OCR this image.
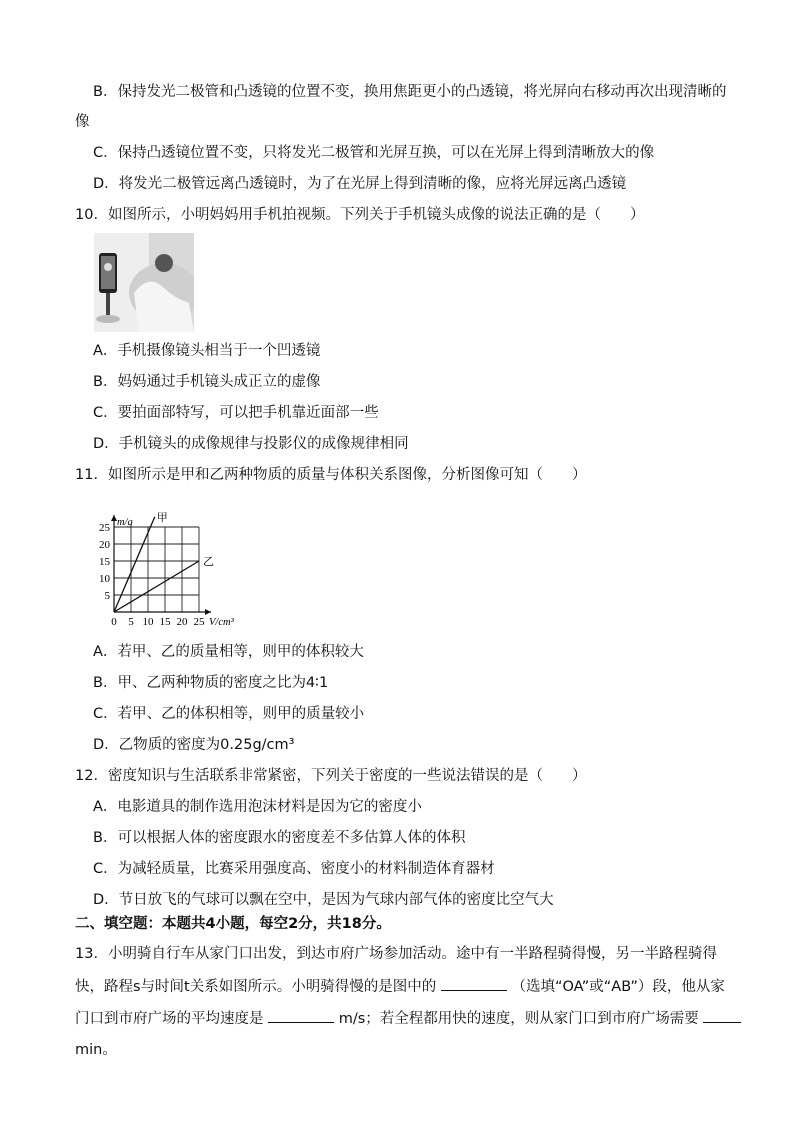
B．保持发光二极管和凸透镜的位置不变，换用焦距更小的凸透镜，将光屏向右移动再次出现清晰的
像
C．保持凸透镜位置不变，只将发光二极管和光屏互换，可以在光屏上得到清晰放大的像
D．将发光二极管远离凸透镜时，为了在光屏上得到清晰的像，应将光屏远离凸透镜
10．如图所示，小明妈妈用手机拍视频。下列关于手机镜头成像的说法正确的是（　　）
A．手机摄像镜头相当于一个凹透镜
B．妈妈通过手机镜头成正立的虚像
C．要拍面部特写，可以把手机靠近面部一些
D．手机镜头的成像规律与投影仪的成像规律相同
11．如图所示是甲和乙两种物质的质量与体积关系图像，分析图像可知（　　）
0 5 10 15 20 25
5
10
15
20
25
V/cm³
m/g 甲
乙
A．若甲、乙的质量相等，则甲的体积较大
B．甲、乙两种物质的密度之比为4∶1
C．若甲、乙的体积相等，则甲的质量较小
D．乙物质的密度为0.25g/cm³
12．密度知识与生活联系非常紧密，下列关于密度的一些说法错误的是（　　）
A．电影道具的制作选用泡沫材料是因为它的密度小
B．可以根据人体的密度跟水的密度差不多估算人体的体积
C．为减轻质量，比赛采用强度高、密度小的材料制造体育器材
D．节日放飞的气球可以飘在空中，是因为气球内部气体的密度比空气大
二、填空题：本题共4小题，每空2分，共18分。
13．小明骑自行车从家门口出发，到达市府广场参加活动。途中有一半路程骑得慢，另一半路程骑得
快，路程s与时间t关系如图所示。小明骑得慢的是图中的	（选填“OA”或“AB”）段，他从家
门口到市府广场的平均速度是	m/s；若全程都用快的速度，则从家门口到市府广场需要
min。
